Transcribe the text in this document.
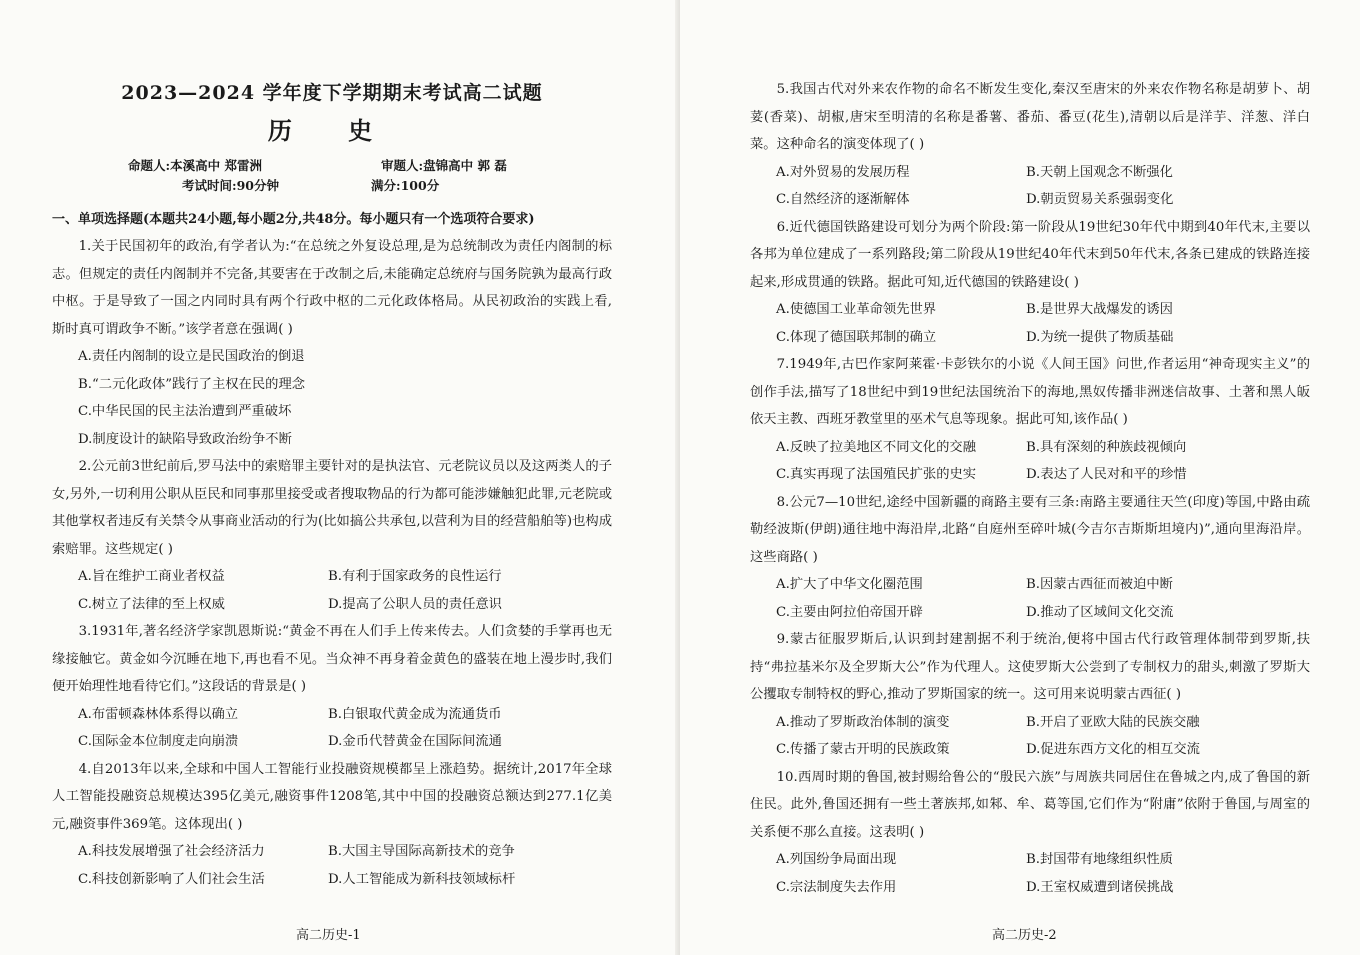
2023—2024 学年度下学期期末考试高二试题
历 史
命题人:本溪高中 郑雷洲	审题人:盘锦高中 郭 磊
考试时间:90分钟	满分:100分
一、单项选择题(本题共24小题,每小题2分,共48分。每小题只有一个选项符合要求)

1.关于民国初年的政治,有学者认为:“在总统之外复设总理,是为总统制改为责任内阁制的标志。但规定的责任内阁制并不完备,其要害在于改制之后,未能确定总统府与国务院孰为最高行政中枢。于是导致了一国之内同时具有两个行政中枢的二元化政体格局。从民初政治的实践上看,斯时真可谓政争不断。”该学者意在强调( )

A.责任内阁制的设立是民国政治的倒退
B.“二元化政体”践行了主权在民的理念
C.中华民国的民主法治遭到严重破坏
D.制度设计的缺陷导致政治纷争不断

2.公元前3世纪前后,罗马法中的索赔罪主要针对的是执法官、元老院议员以及这两类人的子女,另外,一切利用公职从臣民和同事那里接受或者搜取物品的行为都可能涉嫌触犯此罪,元老院或其他掌权者违反有关禁令从事商业活动的行为(比如搞公共承包,以营利为目的经营船舶等)也构成索赔罪。这些规定( )

A.旨在维护工商业者权益	B.有利于国家政务的良性运行
C.树立了法律的至上权威	D.提高了公职人员的责任意识

3.1931年,著名经济学家凯恩斯说:“黄金不再在人们手上传来传去。人们贪婪的手掌再也无缘接触它。黄金如今沉睡在地下,再也看不见。当众神不再身着金黄色的盛装在地上漫步时,我们便开始理性地看待它们。”这段话的背景是( )

A.布雷顿森林体系得以确立	B.白银取代黄金成为流通货币
C.国际金本位制度走向崩溃	D.金币代替黄金在国际间流通

4.自2013年以来,全球和中国人工智能行业投融资规模都呈上涨趋势。据统计,2017年全球人工智能投融资总规模达395亿美元,融资事件1208笔,其中中国的投融资总额达到277.1亿美元,融资事件369笔。这体现出( )

A.科技发展增强了社会经济活力	B.大国主导国际高新技术的竞争
C.科技创新影响了人们社会生活	D.人工智能成为新科技领域标杆
高二历史-1

5.我国古代对外来农作物的命名不断发生变化,秦汉至唐宋的外来农作物名称是胡萝卜、胡荽(香菜)、胡椒,唐宋至明清的名称是番薯、番茄、番豆(花生),清朝以后是洋芋、洋葱、洋白菜。这种命名的演变体现了( )

A.对外贸易的发展历程	B.天朝上国观念不断强化
C.自然经济的逐渐解体	D.朝贡贸易关系强弱变化

6.近代德国铁路建设可划分为两个阶段:第一阶段从19世纪30年代中期到40年代末,主要以各邦为单位建成了一系列路段;第二阶段从19世纪40年代末到50年代末,各条已建成的铁路连接起来,形成贯通的铁路。据此可知,近代德国的铁路建设( )

A.使德国工业革命领先世界	B.是世界大战爆发的诱因
C.体现了德国联邦制的确立	D.为统一提供了物质基础

7.1949年,古巴作家阿莱霍·卡彭铁尔的小说《人间王国》问世,作者运用“神奇现实主义”的创作手法,描写了18世纪中到19世纪法国统治下的海地,黑奴传播非洲迷信故事、土著和黑人皈依天主教、西班牙教堂里的巫术气息等现象。据此可知,该作品( )

A.反映了拉美地区不同文化的交融	B.具有深刻的种族歧视倾向
C.真实再现了法国殖民扩张的史实	D.表达了人民对和平的珍惜

8.公元7—10世纪,途经中国新疆的商路主要有三条:南路主要通往天竺(印度)等国,中路由疏勒经波斯(伊朗)通往地中海沿岸,北路“自庭州至碎叶城(今吉尔吉斯斯坦境内)”,通向里海沿岸。这些商路( )

A.扩大了中华文化圈范围	B.因蒙古西征而被迫中断
C.主要由阿拉伯帝国开辟	D.推动了区域间文化交流

9.蒙古征服罗斯后,认识到封建割据不利于统治,便将中国古代行政管理体制带到罗斯,扶持“弗拉基米尔及全罗斯大公”作为代理人。这使罗斯大公尝到了专制权力的甜头,刺激了罗斯大公攫取专制特权的野心,推动了罗斯国家的统一。这可用来说明蒙古西征( )

A.推动了罗斯政治体制的演变	B.开启了亚欧大陆的民族交融
C.传播了蒙古开明的民族政策	D.促进东西方文化的相互交流

10.西周时期的鲁国,被封赐给鲁公的“殷民六族”与周族共同居住在鲁城之内,成了鲁国的新住民。此外,鲁国还拥有一些土著族邦,如邾、牟、葛等国,它们作为“附庸”依附于鲁国,与周室的关系便不那么直接。这表明( )

A.列国纷争局面出现	B.封国带有地缘组织性质
C.宗法制度失去作用	D.王室权威遭到诸侯挑战
高二历史-2
